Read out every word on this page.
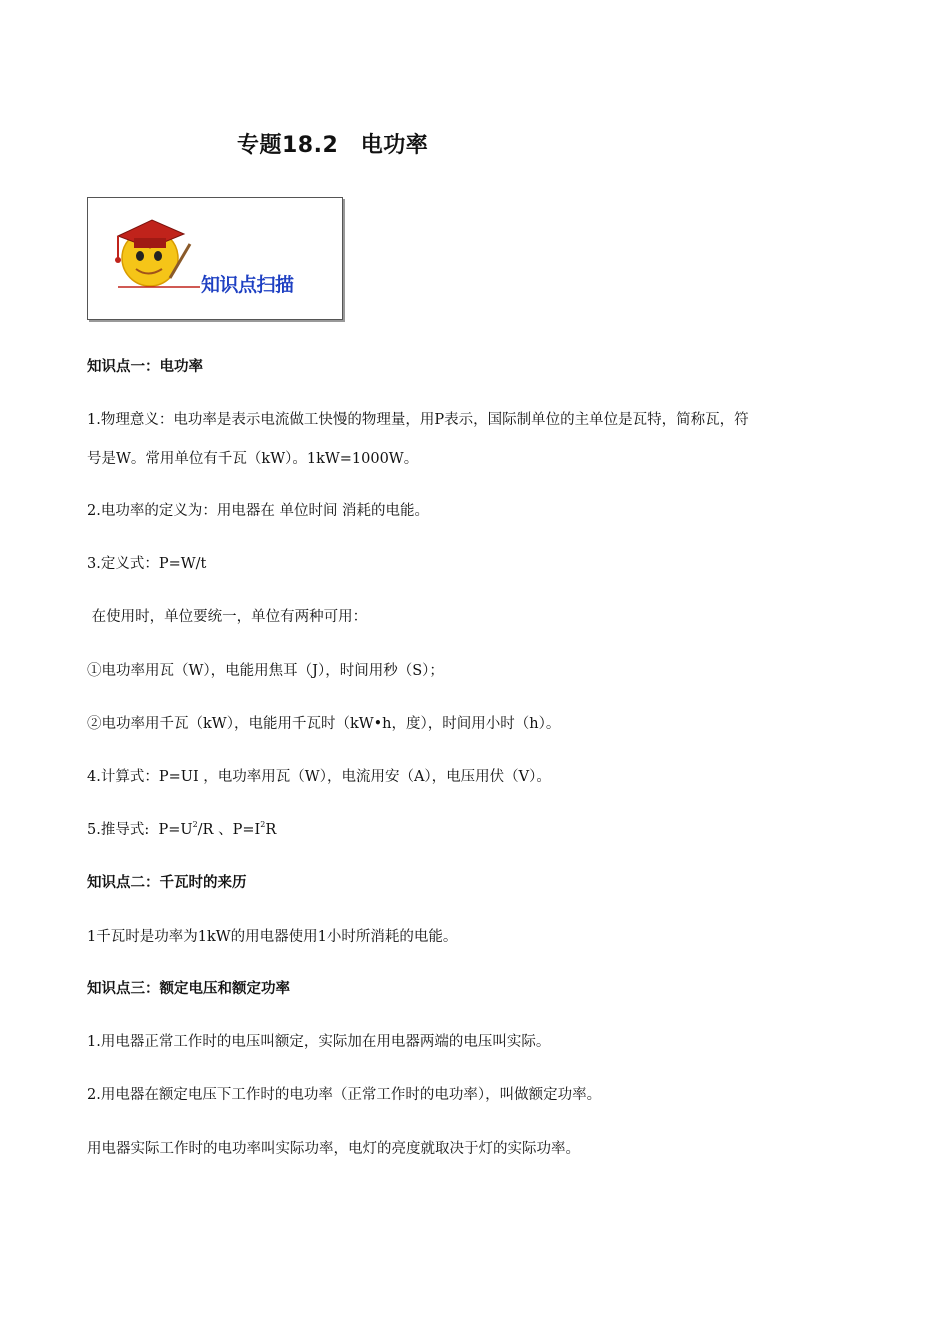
专题18.2　电功率
知识点扫描
知识点一：电功率
1.物理意义：电功率是表示电流做工快慢的物理量，用P表示，国际制单位的主单位是瓦特，简称瓦，符
号是W。常用单位有千瓦（kW）。1kW=1000W。
2.电功率的定义为：用电器在 单位时间 消耗的电能。
3.定义式：P=W/t
在使用时，单位要统一，单位有两种可用：
①电功率用瓦（W），电能用焦耳（J），时间用秒（S）；
②电功率用千瓦（kW），电能用千瓦时（kW•h，度），时间用小时（h）。
4.计算式：P=UI ，电功率用瓦（W），电流用安（A），电压用伏（V）。
5.推导式:  $P=U^2/R$ 、$P=I^2R$
知识点二：千瓦时的来历
1千瓦时是功率为1kW的用电器使用1小时所消耗的电能。
知识点三：额定电压和额定功率
1.用电器正常工作时的电压叫额定，实际加在用电器两端的电压叫实际。
2.用电器在额定电压下工作时的电功率（正常工作时的电功率），叫做额定功率。
用电器实际工作时的电功率叫实际功率，电灯的亮度就取决于灯的实际功率。
